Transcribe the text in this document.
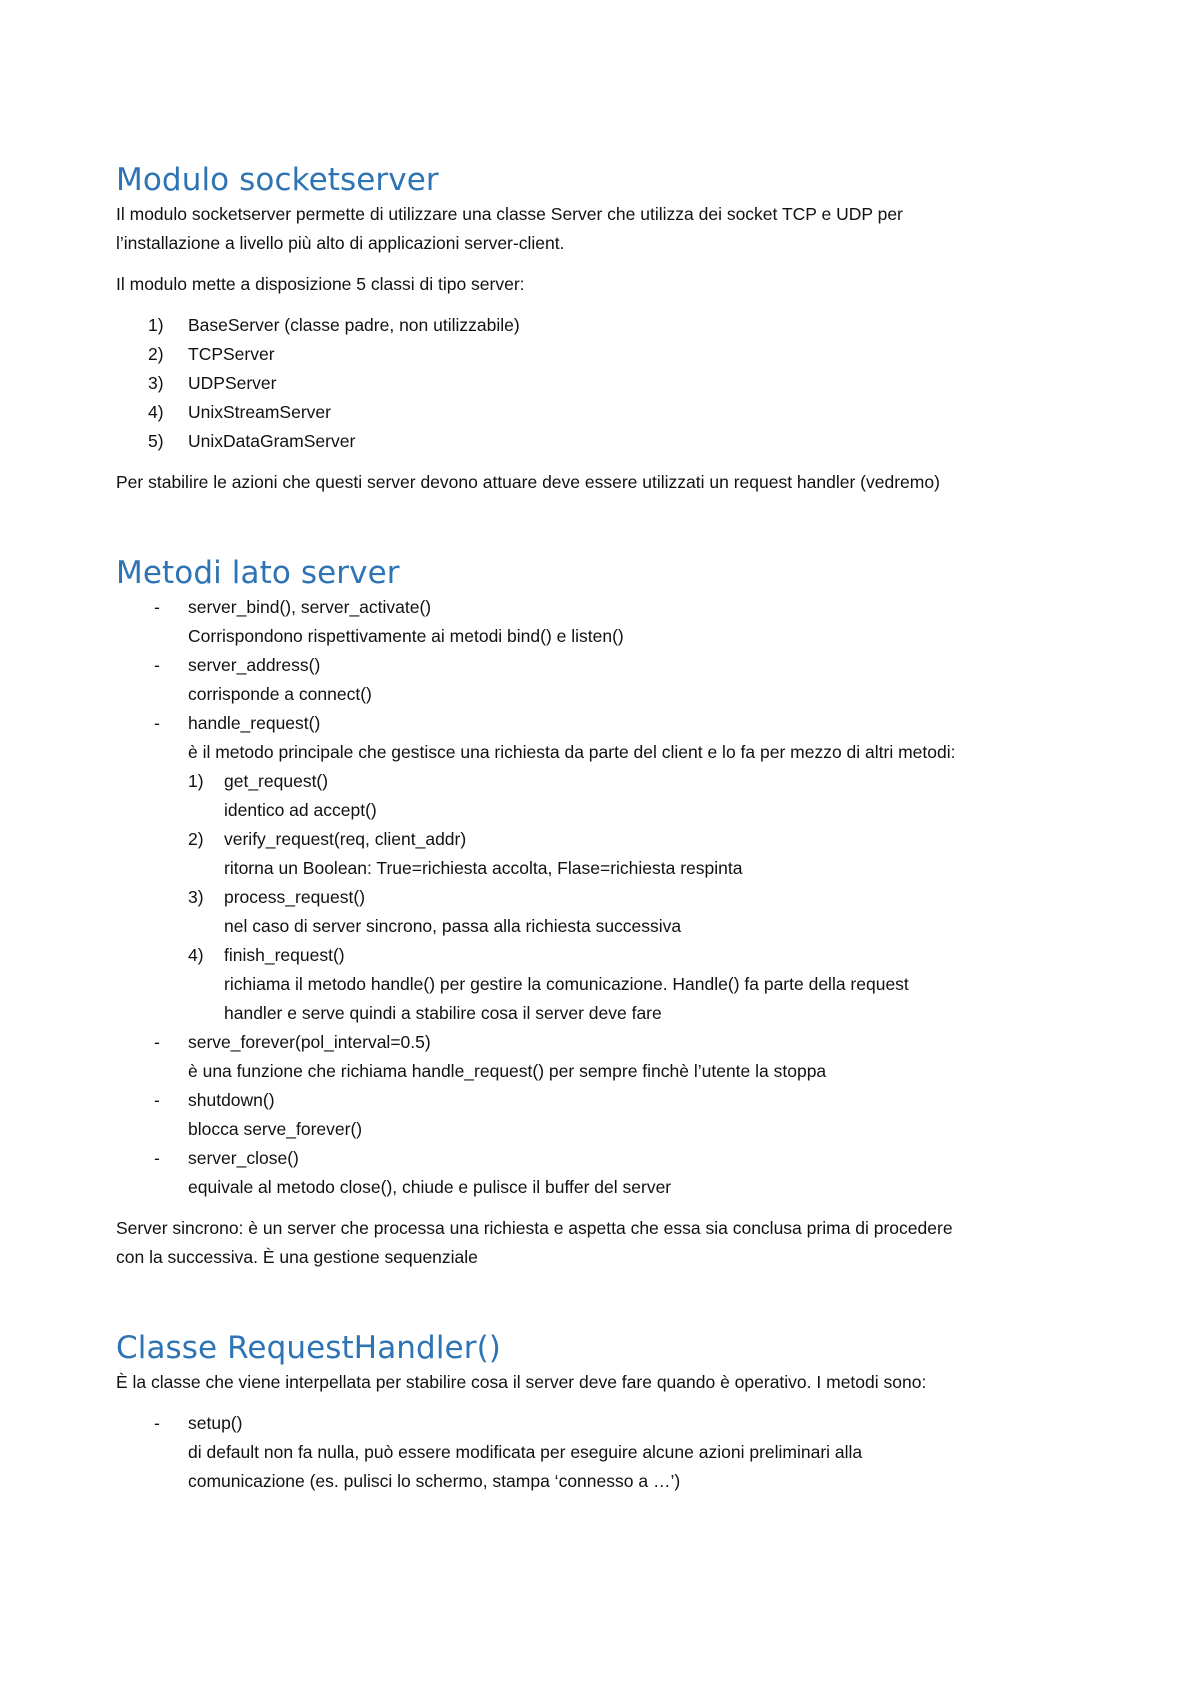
Modulo socketserver

Il modulo socketserver permette di utilizzare una classe Server che utilizza dei socket TCP e UDP per
l’installazione a livello più alto di applicazioni server-client.

Il modulo mette a disposizione 5 classi di tipo server:

1) BaseServer (classe padre, non utilizzabile)
2) TCPServer
3) UDPServer
4) UnixStreamServer
5) UnixDataGramServer

Per stabilire le azioni che questi server devono attuare deve essere utilizzati un request handler (vedremo)

Metodi lato server
- server_bind(), server_activate()
Corrispondono rispettivamente ai metodi bind() e listen()
- server_address()
corrisponde a connect()
- handle_request()
è il metodo principale che gestisce una richiesta da parte del client e lo fa per mezzo di altri metodi:
1) get_request()
identico ad accept()
2) verify_request(req, client_addr)
ritorna un Boolean: True=richiesta accolta, Flase=richiesta respinta
3) process_request()
nel caso di server sincrono, passa alla richiesta successiva
4) finish_request()
richiama il metodo handle() per gestire la comunicazione. Handle() fa parte della request
handler e serve quindi a stabilire cosa il server deve fare
- serve_forever(pol_interval=0.5)
è una funzione che richiama handle_request() per sempre finchè l’utente la stoppa
- shutdown()
blocca serve_forever()
- server_close()
equivale al metodo close(), chiude e pulisce il buffer del server

Server sincrono: è un server che processa una richiesta e aspetta che essa sia conclusa prima di procedere
con la successiva. È una gestione sequenziale

Classe RequestHandler()

È la classe che viene interpellata per stabilire cosa il server deve fare quando è operativo. I metodi sono:

- setup()
di default non fa nulla, può essere modificata per eseguire alcune azioni preliminari alla
comunicazione (es. pulisci lo schermo, stampa ‘connesso a …’)
